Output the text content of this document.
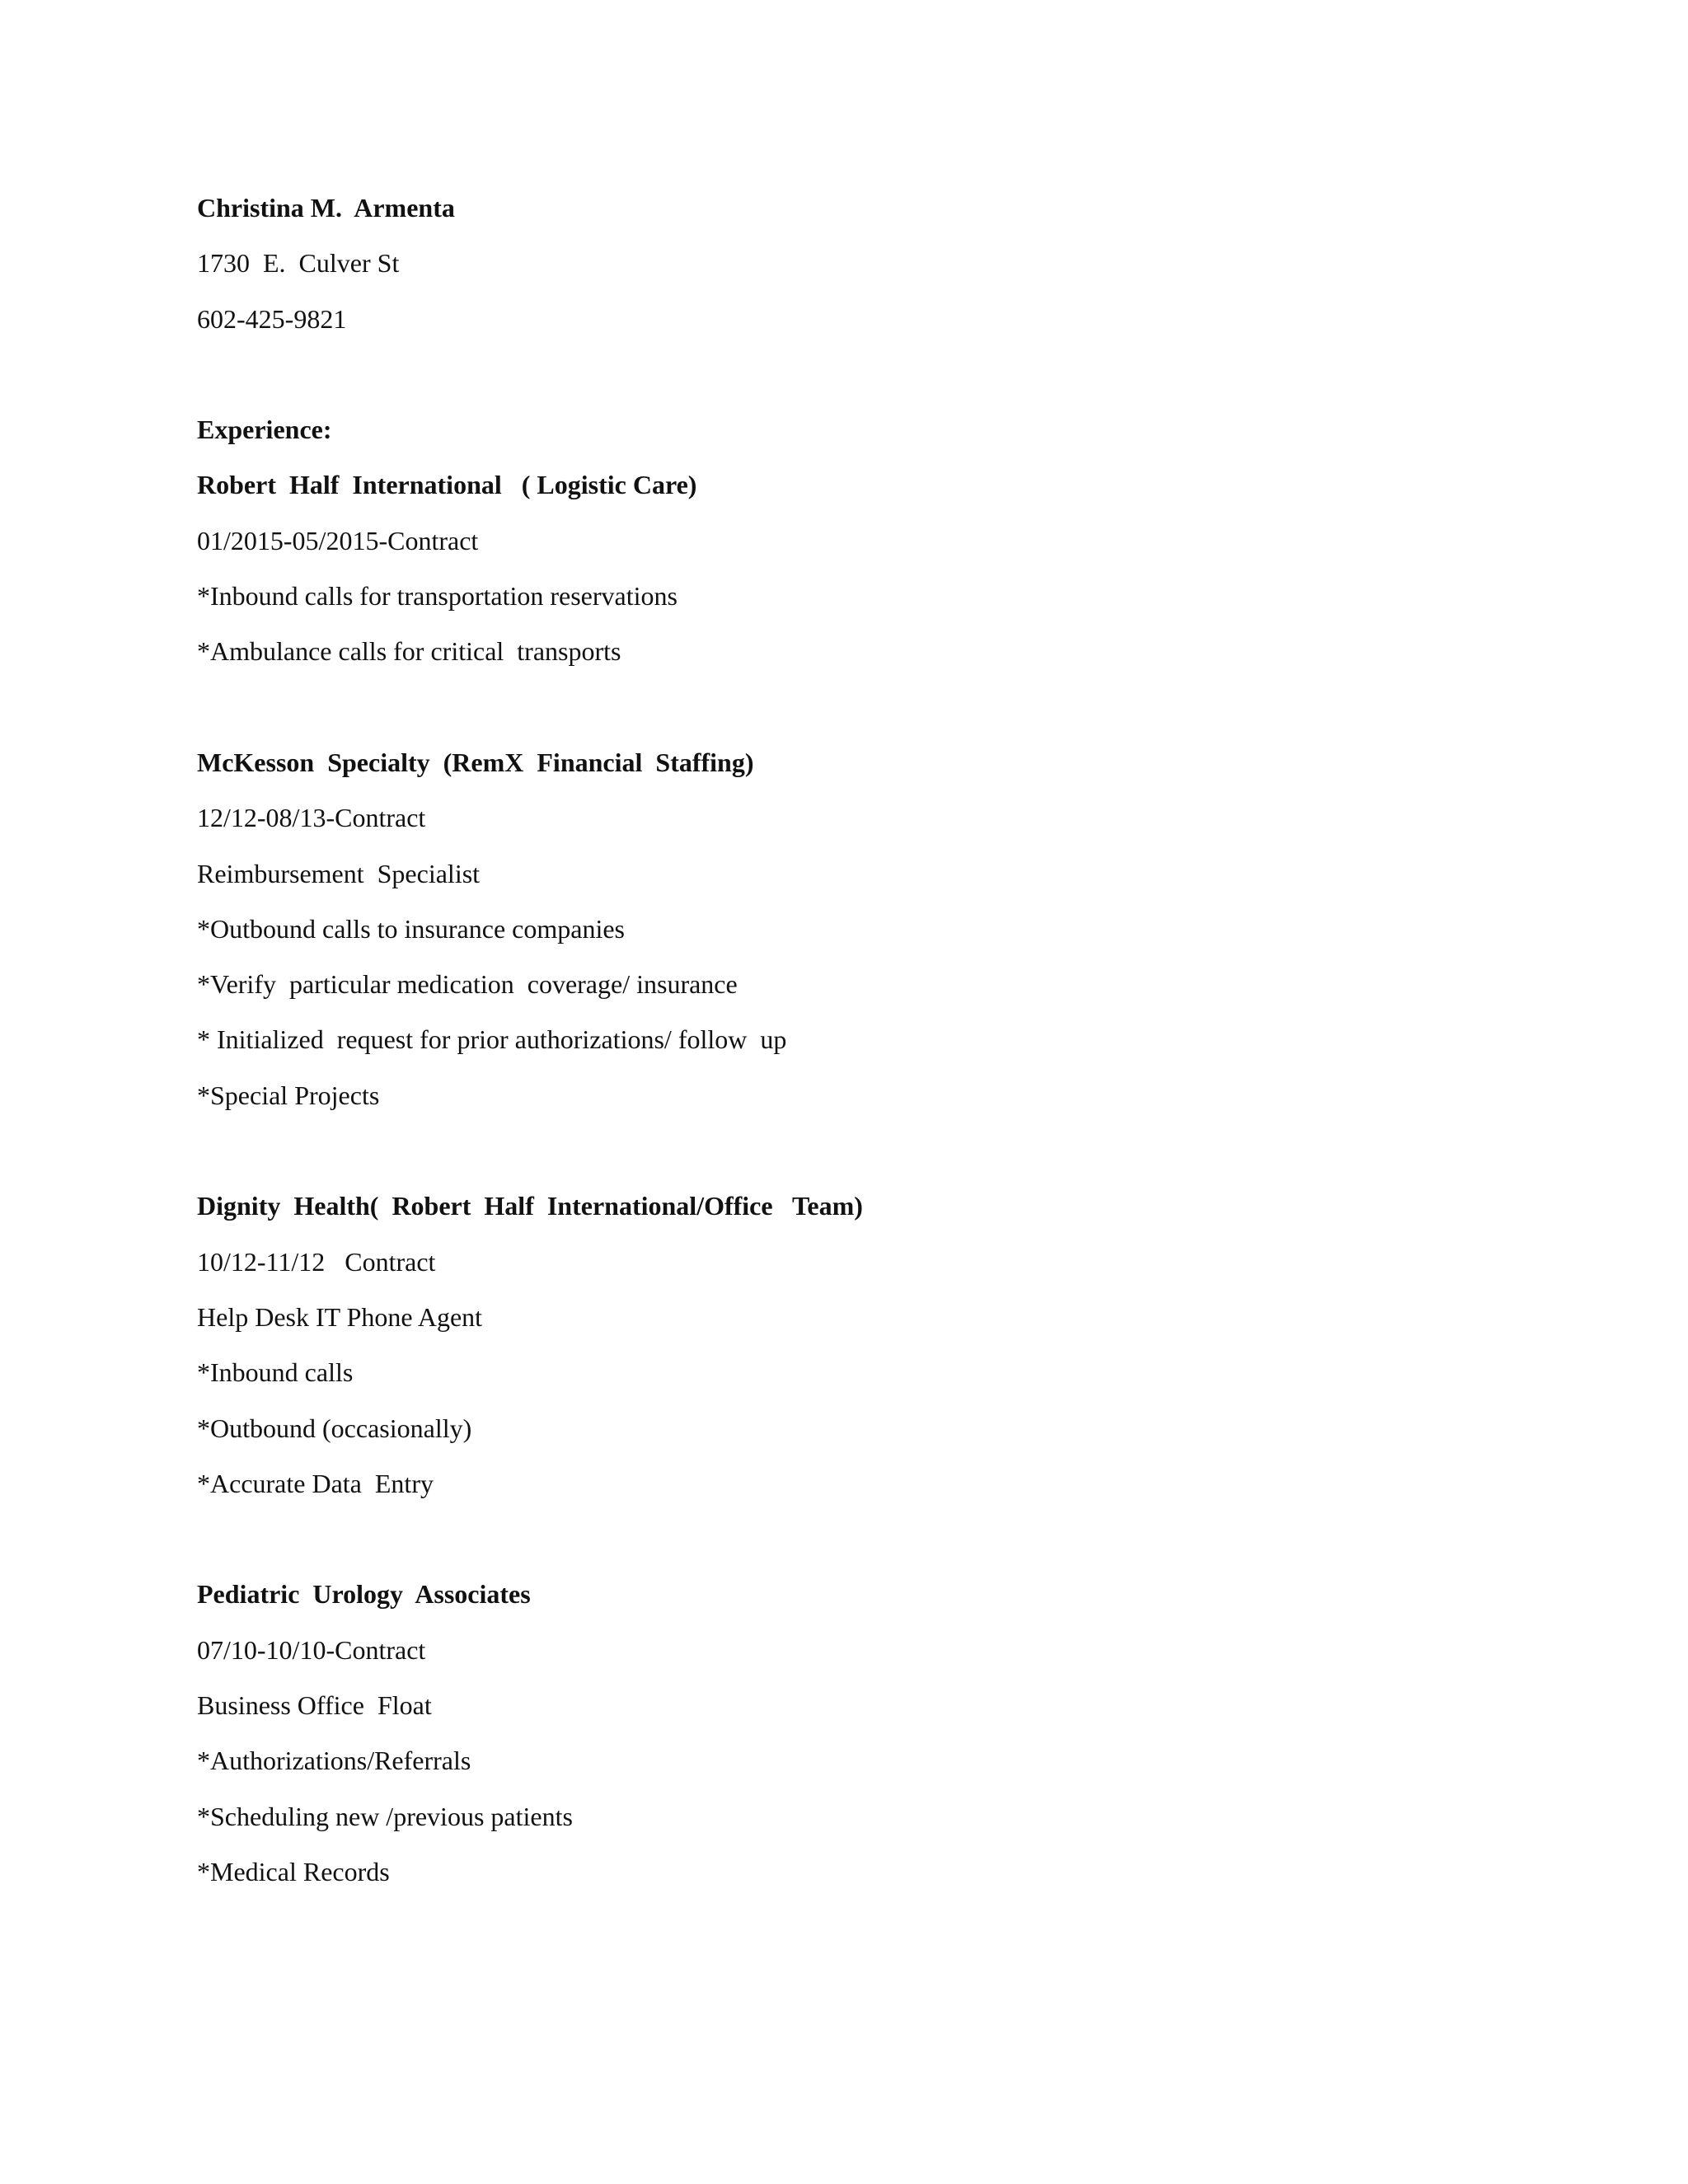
Christina M.  Armenta
1730  E.  Culver St
602-425-9821
Experience:
Robert  Half  International   ( Logistic Care)
01/2015-05/2015-Contract
*Inbound calls for transportation reservations
*Ambulance calls for critical  transports
McKesson  Specialty  (RemX  Financial  Staffing)
12/12-08/13-Contract
Reimbursement  Specialist
*Outbound calls to insurance companies
*Verify  particular medication  coverage/ insurance
* Initialized  request for prior authorizations/ follow  up
*Special Projects
Dignity  Health(  Robert  Half  International/Office   Team)
10/12-11/12   Contract
Help Desk IT Phone Agent
*Inbound calls
*Outbound (occasionally)
*Accurate Data  Entry
Pediatric  Urology  Associates
07/10-10/10-Contract
Business Office  Float
*Authorizations/Referrals
*Scheduling new /previous patients
*Medical Records
